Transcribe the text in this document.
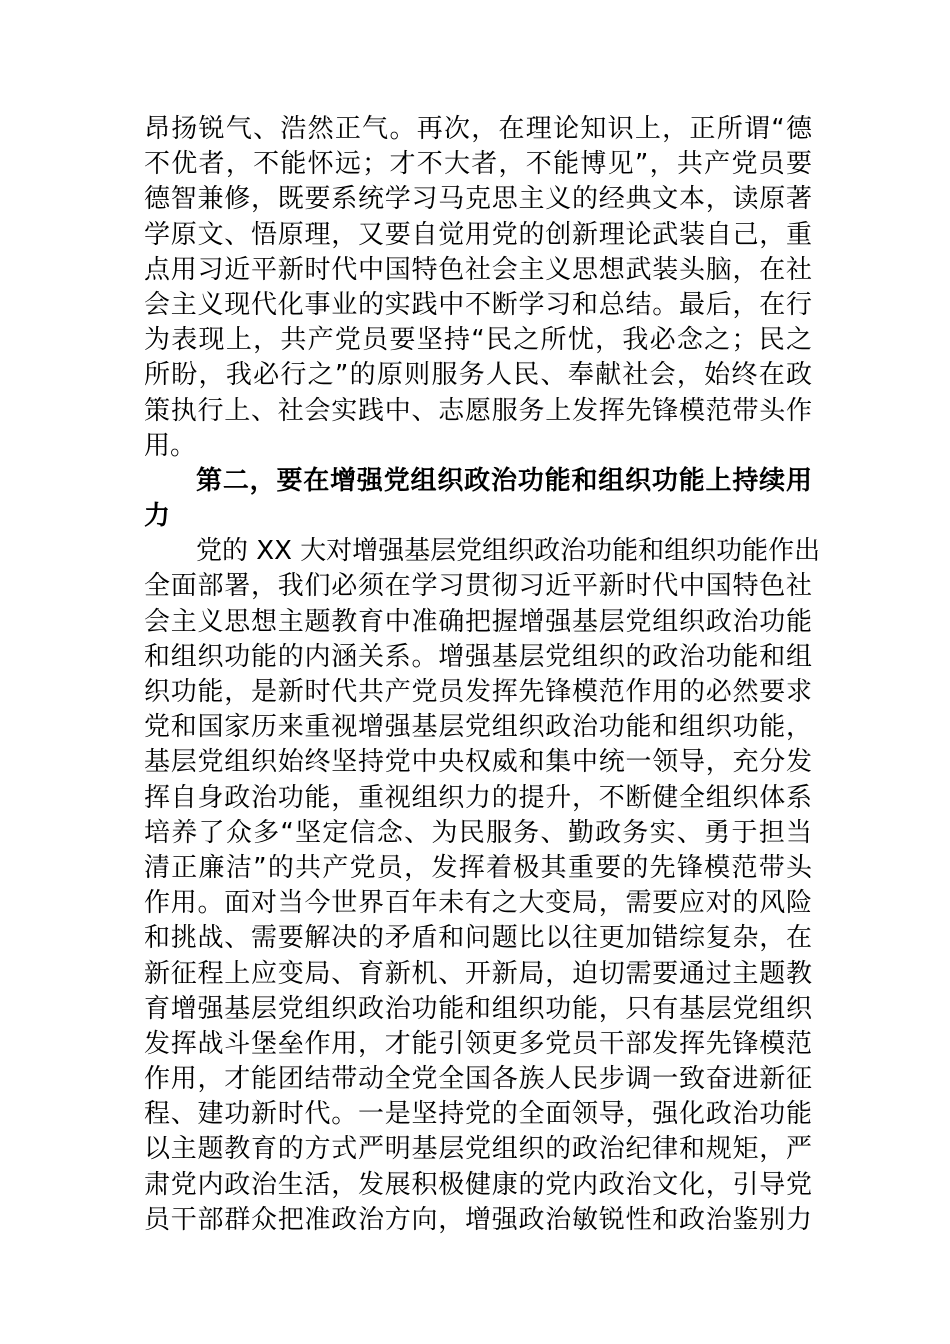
昂扬锐气、浩然正气。再次，在理论知识上，正所谓“德
不优者，不能怀远；才不大者，不能博见”，共产党员要
德智兼修，既要系统学习马克思主义的经典文本，读原著
学原文、悟原理，又要自觉用党的创新理论武装自己，重
点用习近平新时代中国特色社会主义思想武装头脑，在社
会主义现代化事业的实践中不断学习和总结。最后，在行
为表现上，共产党员要坚持“民之所忧，我必念之；民之
所盼，我必行之”的原则服务人民、奉献社会，始终在政
策执行上、社会实践中、志愿服务上发挥先锋模范带头作
用。
第二，要在增强党组织政治功能和组织功能上持续用
力
党的 XX 大对增强基层党组织政治功能和组织功能作出
全面部署，我们必须在学习贯彻习近平新时代中国特色社
会主义思想主题教育中准确把握增强基层党组织政治功能
和组织功能的内涵关系。增强基层党组织的政治功能和组
织功能，是新时代共产党员发挥先锋模范作用的必然要求
党和国家历来重视增强基层党组织政治功能和组织功能，
基层党组织始终坚持党中央权威和集中统一领导，充分发
挥自身政治功能，重视组织力的提升，不断健全组织体系
培养了众多“坚定信念、为民服务、勤政务实、勇于担当
清正廉洁”的共产党员，发挥着极其重要的先锋模范带头
作用。面对当今世界百年未有之大变局，需要应对的风险
和挑战、需要解决的矛盾和问题比以往更加错综复杂，在
新征程上应变局、育新机、开新局，迫切需要通过主题教
育增强基层党组织政治功能和组织功能，只有基层党组织
发挥战斗堡垒作用，才能引领更多党员干部发挥先锋模范
作用，才能团结带动全党全国各族人民步调一致奋进新征
程、建功新时代。一是坚持党的全面领导，强化政治功能
以主题教育的方式严明基层党组织的政治纪律和规矩，严
肃党内政治生活，发展积极健康的党内政治文化，引导党
员干部群众把准政治方向，增强政治敏锐性和政治鉴别力
